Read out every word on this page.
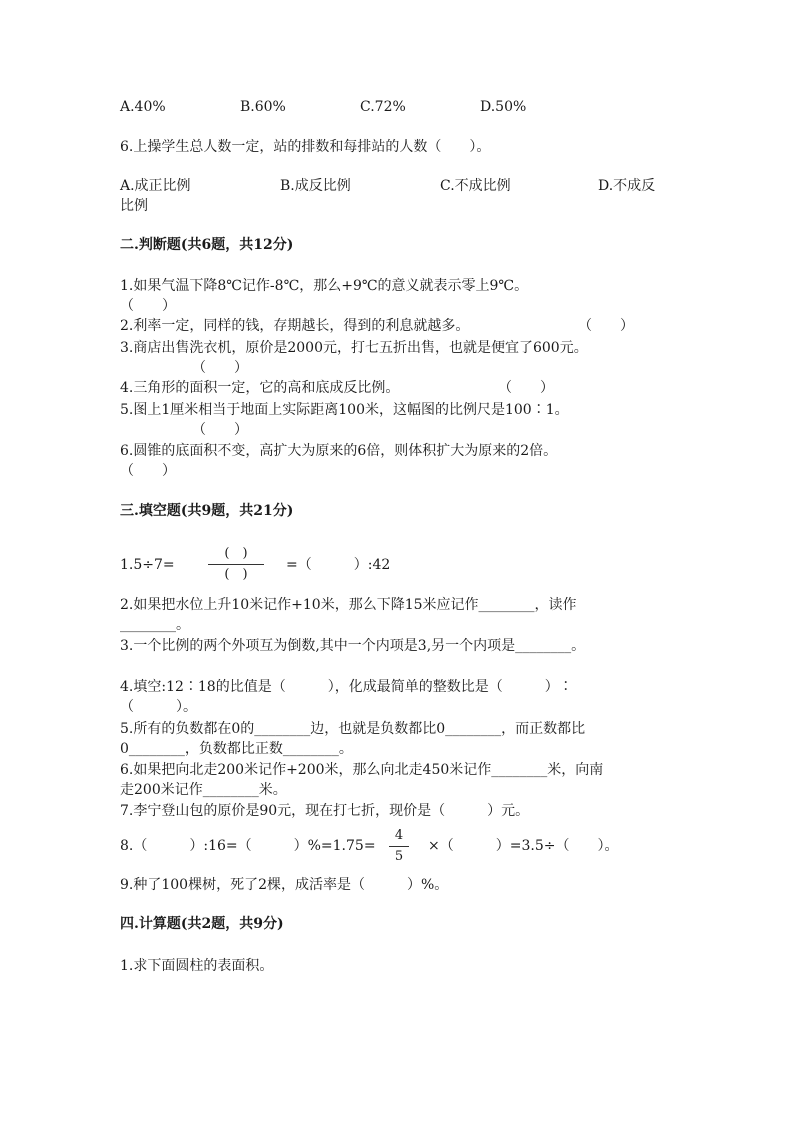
A.40%	B.60%	C.72%	D.50%
6.上操学生总人数一定，站的排数和每排站的人数（　　）。
A.成正比例	B.成反比例	C.不成比例	D.不成反
比例
二.判断题(共6题，共12分)
1.如果气温下降8℃记作-8℃，那么+9℃的意义就表示零上9℃。
（　　）
2.利率一定，同样的钱，存期越长，得到的利息就越多。	（　　）
3.商店出售洗衣机，原价是2000元，打七五折出售，也就是便宜了600元。
（　　）
4.三角形的面积一定，它的高和底成反比例。	（　　）
5.图上1厘米相当于地面上实际距离100米，这幅图的比例尺是100∶1。
（　　）
6.圆锥的底面积不变，高扩大为原来的6倍，则体积扩大为原来的2倍。
（　　）
三.填空题(共9题，共21分)
1.5÷7=
(　)
(　)
=（　　　）:42
2.如果把水位上升10米记作+10米，那么下降15米应记作________，读作
________。
3.一个比例的两个外项互为倒数,其中一个内项是3,另一个内项是________。
4.填空:12∶18的比值是（　　　），化成最简单的整数比是（　　　）∶
（　　　）。
5.所有的负数都在0的________边，也就是负数都比0________，而正数都比
0________，负数都比正数________。
6.如果把向北走200米记作+200米，那么向北走450米记作________米，向南
走200米记作________米。
7.李宁登山包的原价是90元，现在打七折，现价是（　　　）元。
8.（　　　）:16=（　　　）%=1.75=
4
5
×（　　　）=3.5÷（　　）。
9.种了100棵树，死了2棵，成活率是（　　　）%。
四.计算题(共2题，共9分)
1.求下面圆柱的表面积。
